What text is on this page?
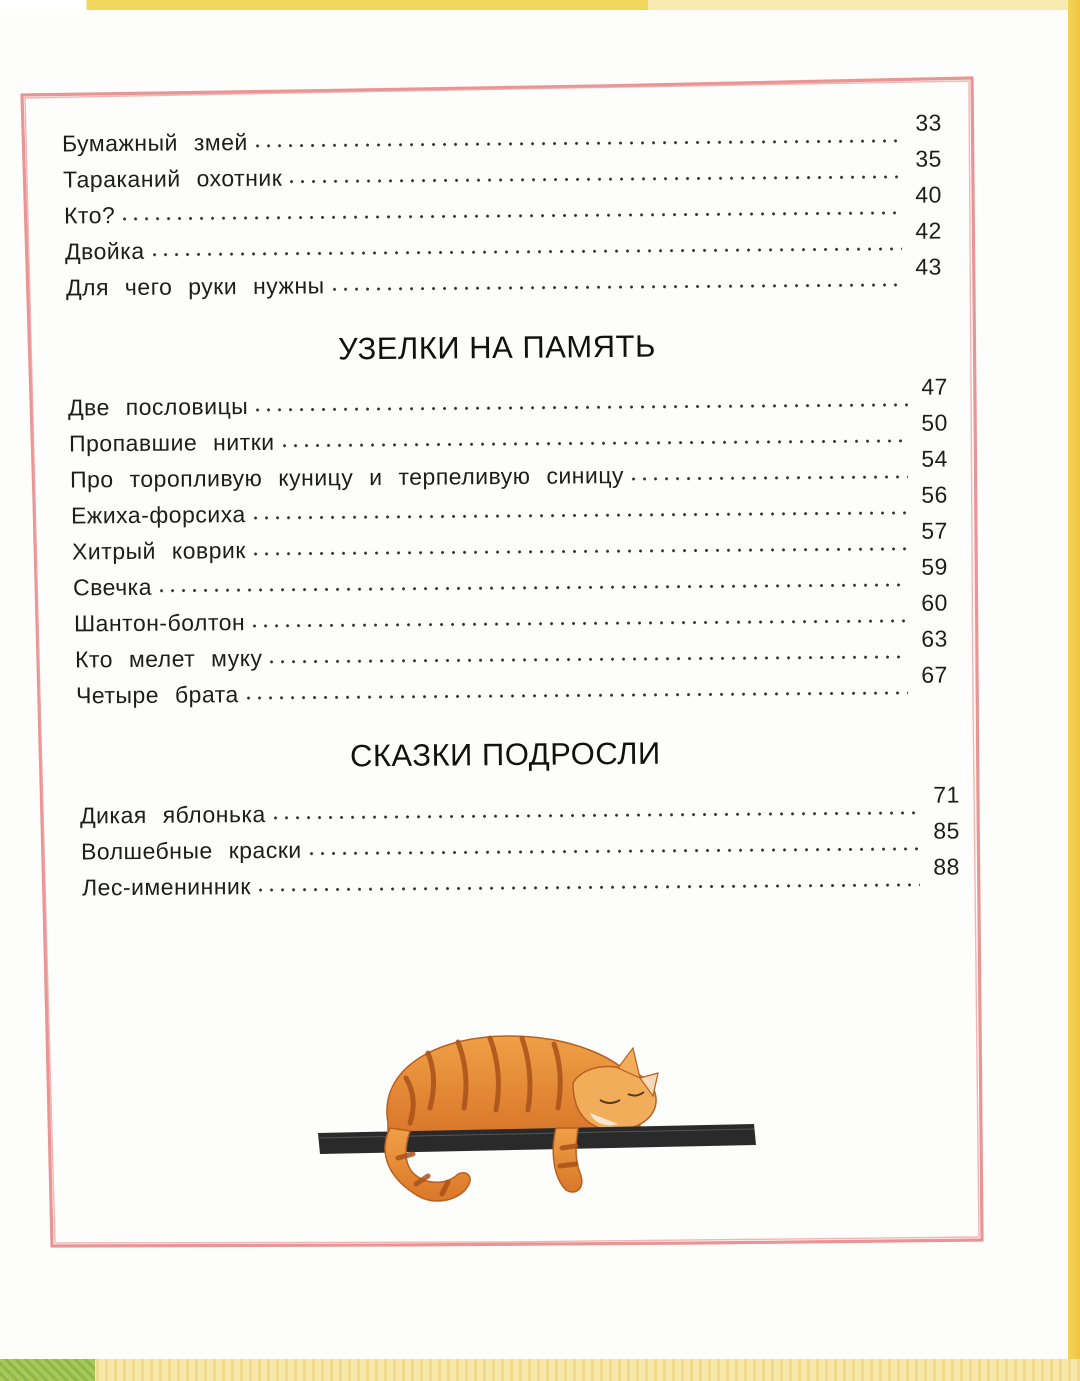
Бумажный змей
33
Тараканий охотник
35
Кто?
40
Двойка
42
Для чего руки нужны
43
УЗЕЛКИ НА ПАМЯТЬ
Две пословицы
47
Пропавшие нитки
50
Про торопливую куницу и терпеливую синицу
54
Ежиха-форсиха
56
Хитрый коврик
57
Свечка
59
Шантон-болтон
60
Кто мелет муку
63
Четыре брата
67
СКАЗКИ ПОДРОСЛИ
Дикая яблонька
71
Волшебные краски
85
Лес-именинник
88
